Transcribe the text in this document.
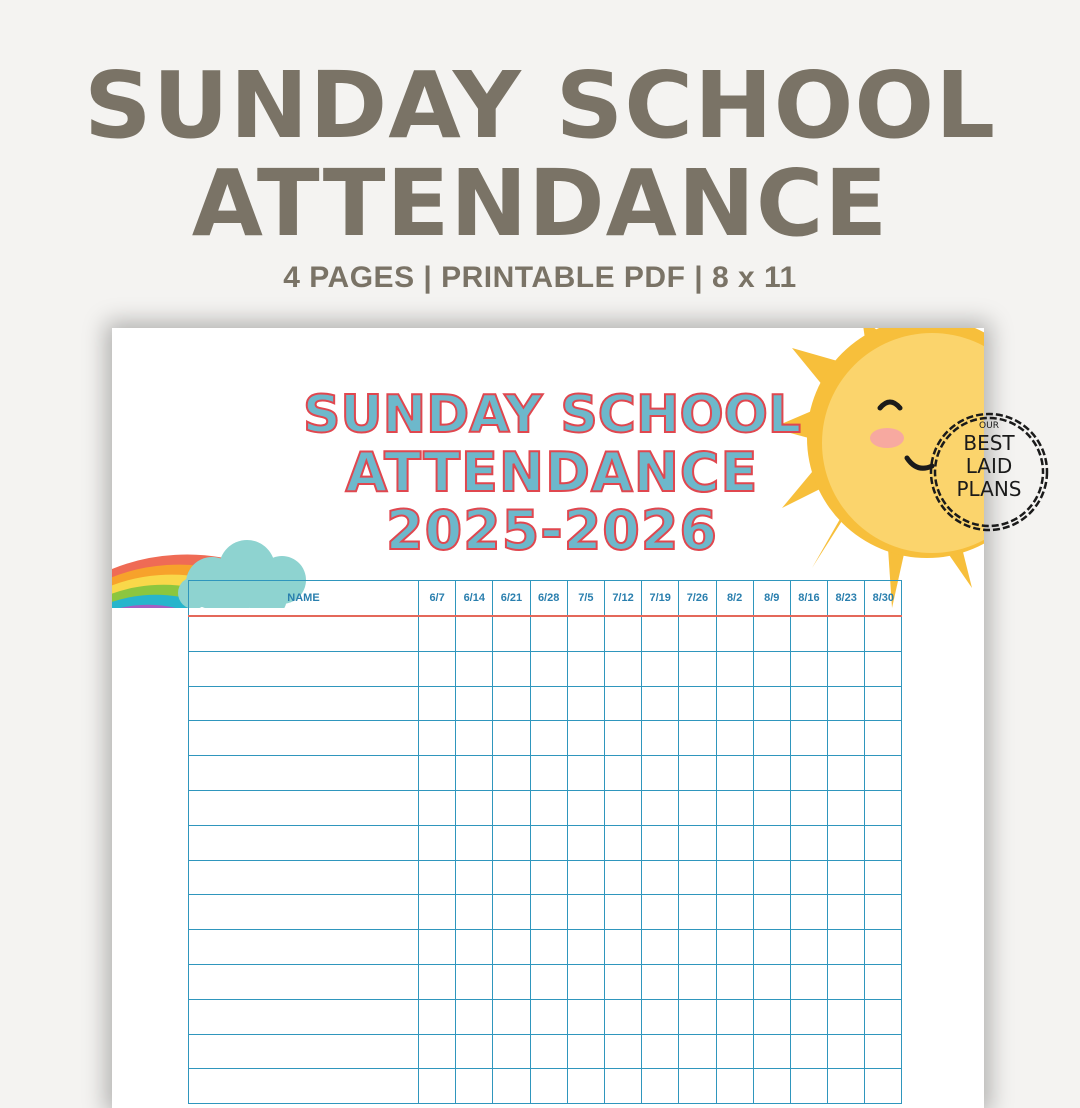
SUNDAY SCHOOL
ATTENDANCE
4 PAGES | PRINTABLE PDF | 8 x 11
SUNDAY SCHOOL
ATTENDANCE
2025-2026
NAME	6/7	6/14	6/21	6/28	7/5	7/12	7/19	7/26	8/2	8/9	8/16	8/23	8/30

OUR
BEST
LAID
PLANS
